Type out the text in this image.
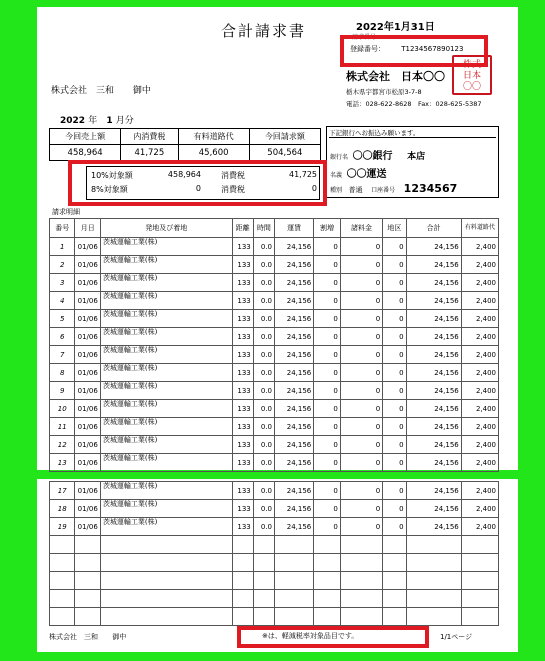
合計請求書	2022年1月31日
請求番号
登録番号： T1234567890123
株式会社　三和 御中
株式会社　日本〇〇
栃木県宇都宮市松原3-7-8
電話：028-622-8628　Fax：028-625-5387
株式
日本
〇〇
2022 年 1 月分
今回売上額	内消費税	有料道路代	今回請求額
458,964	41,725	45,600	504,564
10%対象額	458,964	消費税	41,725
8%対象額	0	消費税	0
下記銀行へお振込み願います。
銀行名 〇〇銀行 本店
名義 〇〇運送
種別 普通 口座番号 1234567
請求明細
番号	月日	発地及び着地	距離	時間	運賃	割増	諸料金	地区	合計	有料道路代
1	01/06	茨城運輸工業(株)	133	0.0	24,156	0	0	0	24,156	2,400
2	01/06	茨城運輸工業(株)	133	0.0	24,156	0	0	0	24,156	2,400
3	01/06	茨城運輸工業(株)	133	0.0	24,156	0	0	0	24,156	2,400
4	01/06	茨城運輸工業(株)	133	0.0	24,156	0	0	0	24,156	2,400
5	01/06	茨城運輸工業(株)	133	0.0	24,156	0	0	0	24,156	2,400
6	01/06	茨城運輸工業(株)	133	0.0	24,156	0	0	0	24,156	2,400
7	01/06	茨城運輸工業(株)	133	0.0	24,156	0	0	0	24,156	2,400
8	01/06	茨城運輸工業(株)	133	0.0	24,156	0	0	0	24,156	2,400
9	01/06	茨城運輸工業(株)	133	0.0	24,156	0	0	0	24,156	2,400
10	01/06	茨城運輸工業(株)	133	0.0	24,156	0	0	0	24,156	2,400
11	01/06	茨城運輸工業(株)	133	0.0	24,156	0	0	0	24,156	2,400
12	01/06	茨城運輸工業(株)	133	0.0	24,156	0	0	0	24,156	2,400
13	01/06	茨城運輸工業(株)	133	0.0	24,156	0	0	0	24,156	2,400
17	01/06	茨城運輸工業(株)	133	0.0	24,156	0	0	0	24,156	2,400
18	01/06	茨城運輸工業(株)	133	0.0	24,156	0	0	0	24,156	2,400
19	01/06	茨城運輸工業(株)	133	0.0	24,156	0	0	0	24,156	2,400

株式会社　三和 御中	※は、軽減税率対象品目です。	1/1ページ
